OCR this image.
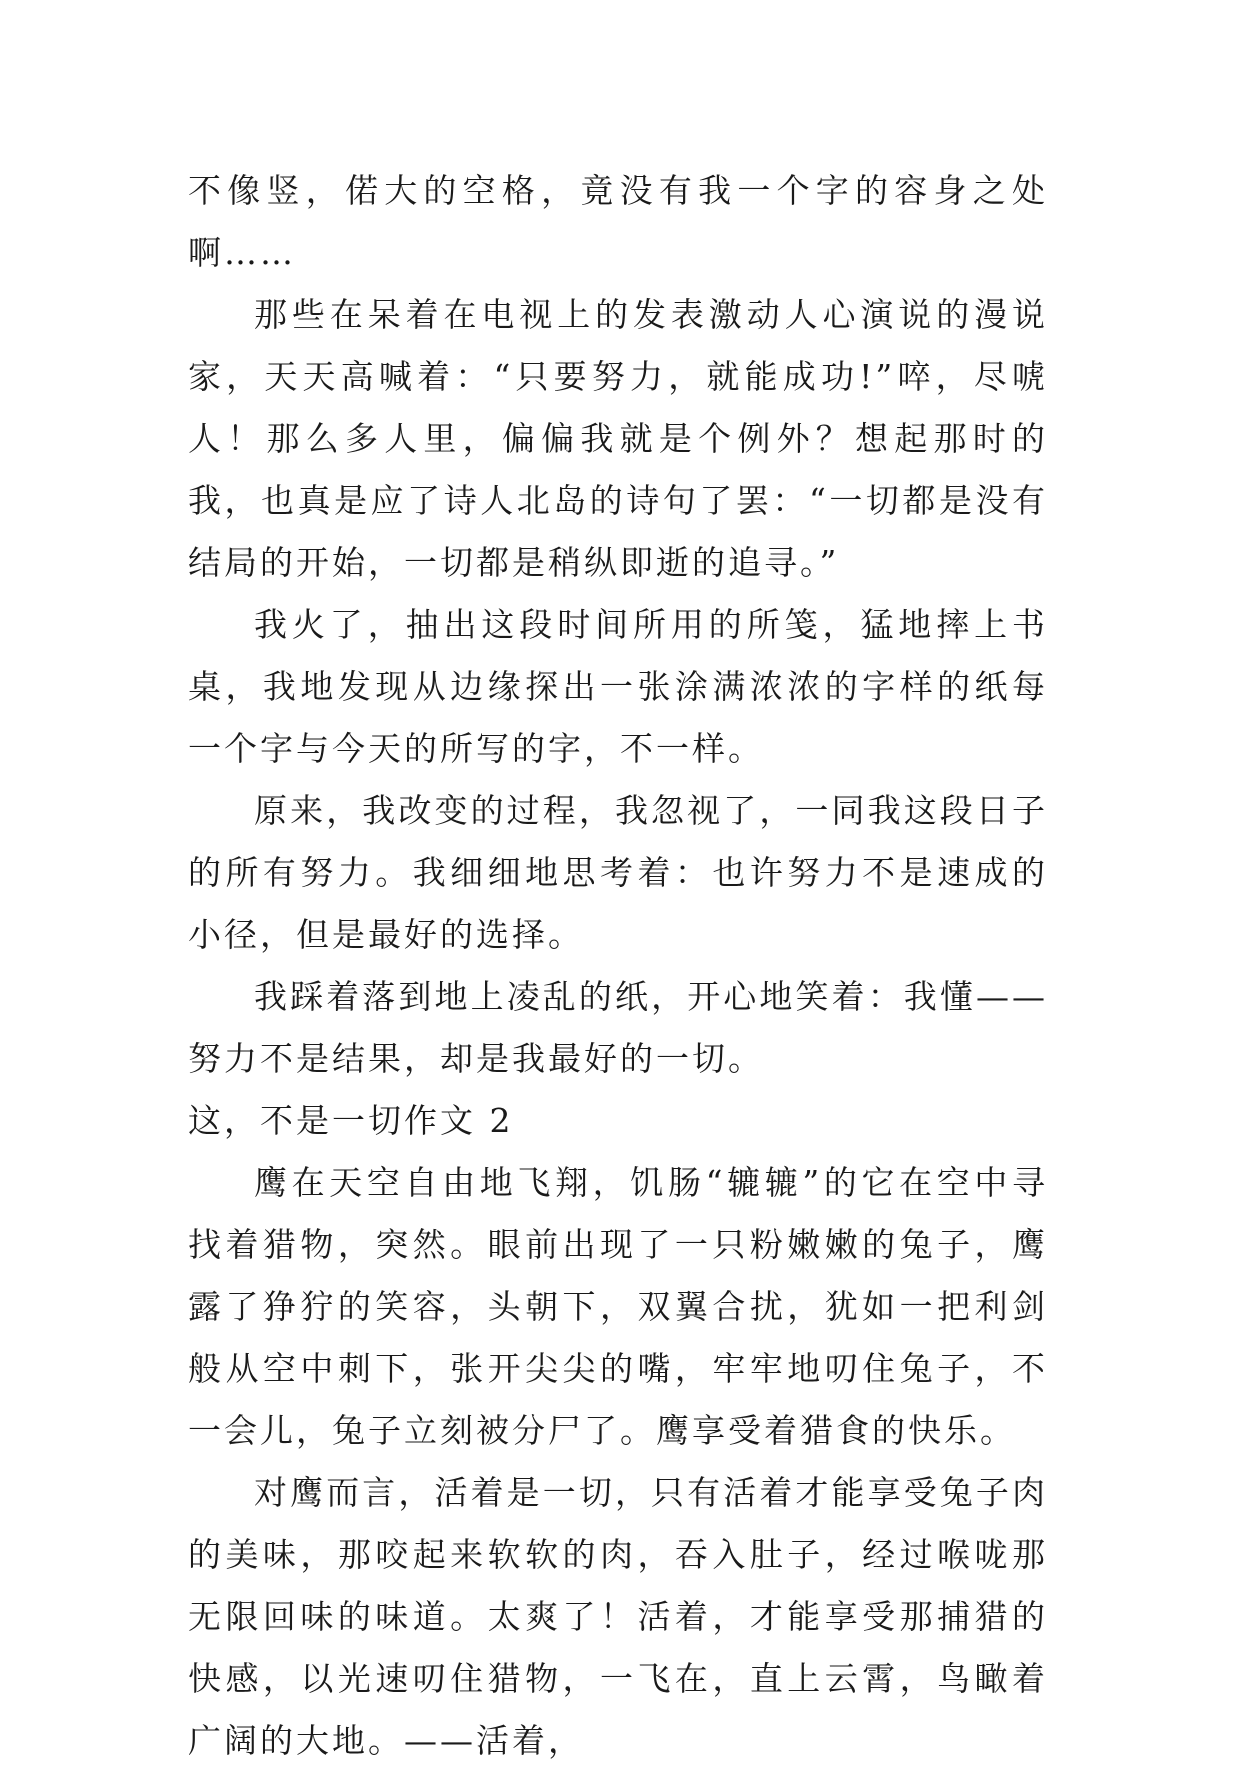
不像竖，偌大的空格，竟没有我一个字的容身之处啊……

那些在呆着在电视上的发表激动人心演说的漫说家，天天高喊着：“只要努力，就能成功!”啐，尽唬人！那么多人里，偏偏我就是个例外？想起那时的我，也真是应了诗人北岛的诗句了罢：“一切都是没有结局的开始，一切都是稍纵即逝的追寻。”

我火了，抽出这段时间所用的所笺，猛地摔上书桌，我地发现从边缘探出一张涂满浓浓的字样的纸每一个字与今天的所写的字，不一样。

原来，我改变的过程，我忽视了，一同我这段日子的所有努力。我细细地思考着：也许努力不是速成的小径，但是最好的选择。

我踩着落到地上凌乱的纸，开心地笑着：我懂——努力不是结果，却是我最好的一切。

这，不是一切作文 2

鹰在天空自由地飞翔，饥肠“辘辘”的它在空中寻找着猎物，突然。眼前出现了一只粉嫩嫩的兔子，鹰露了狰狞的笑容，头朝下，双翼合扰，犹如一把利剑般从空中刺下，张开尖尖的嘴，牢牢地叨住兔子，不一会儿，兔子立刻被分尸了。鹰享受着猎食的快乐。

对鹰而言，活着是一切，只有活着才能享受兔子肉的美味，那咬起来软软的肉，吞入肚子，经过喉咙那无限回味的味道。太爽了！活着，才能享受那捕猎的快感，以光速叨住猎物，一飞在，直上云霄，鸟瞰着广阔的大地。——活着，
